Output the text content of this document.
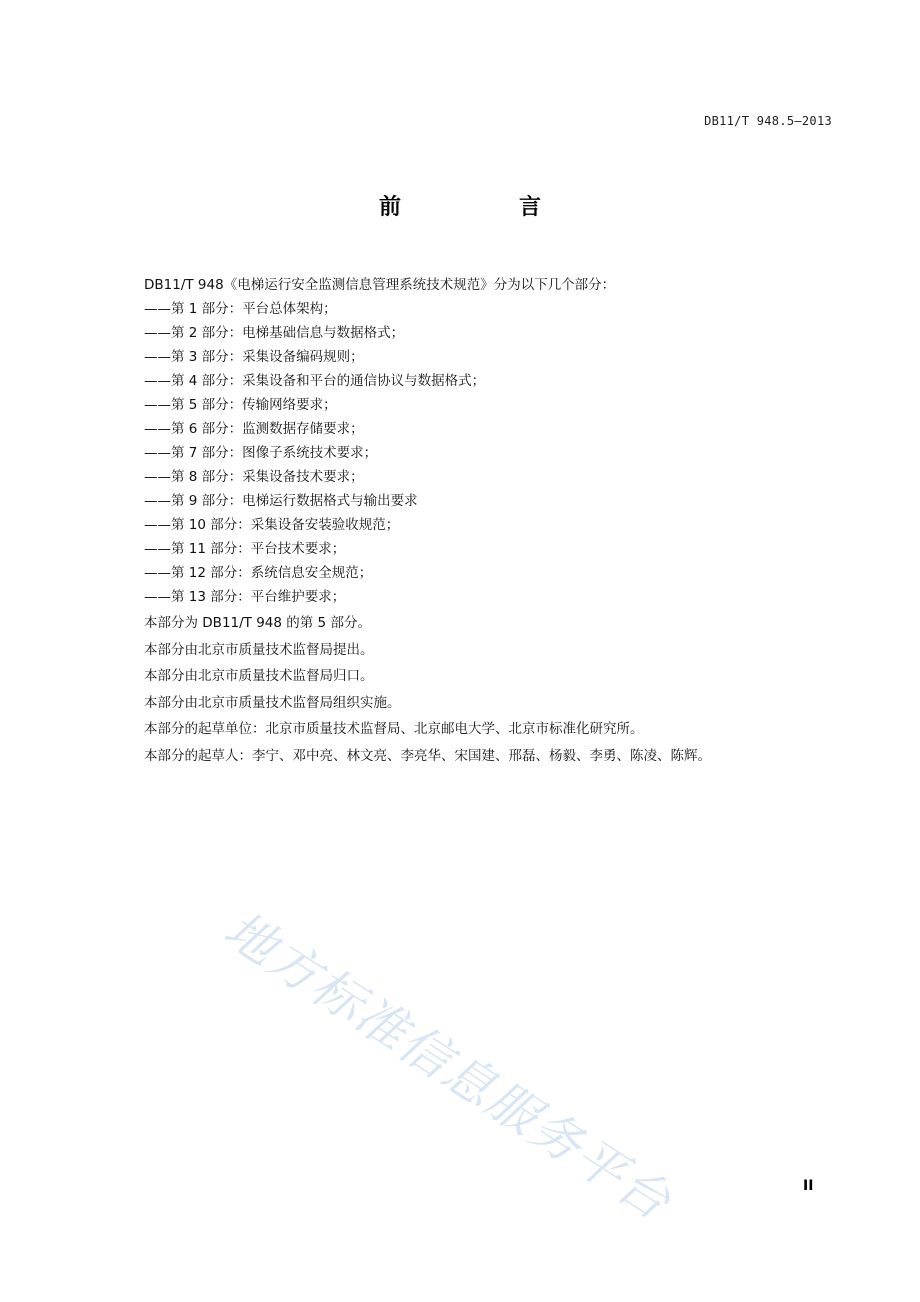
DB11/T 948.5—2013
前　言
DB11/T 948《电梯运行安全监测信息管理系统技术规范》分为以下几个部分：
——第 1 部分：平台总体架构；
——第 2 部分：电梯基础信息与数据格式；
——第 3 部分：采集设备编码规则；
——第 4 部分：采集设备和平台的通信协议与数据格式；
——第 5 部分：传输网络要求；
——第 6 部分：监测数据存储要求；
——第 7 部分：图像子系统技术要求；
——第 8 部分：采集设备技术要求；
——第 9 部分：电梯运行数据格式与输出要求
——第 10 部分：采集设备安装验收规范；
——第 11 部分：平台技术要求；
——第 12 部分：系统信息安全规范；
——第 13 部分：平台维护要求；
本部分为 DB11/T 948 的第 5 部分。
本部分由北京市质量技术监督局提出。
本部分由北京市质量技术监督局归口。
本部分由北京市质量技术监督局组织实施。
本部分的起草单位：北京市质量技术监督局、北京邮电大学、北京市标准化研究所。
本部分的起草人：李宁、邓中亮、林文亮、李亮华、宋国建、邢磊、杨毅、李勇、陈凌、陈辉。
地方标准信息服务平台	II
